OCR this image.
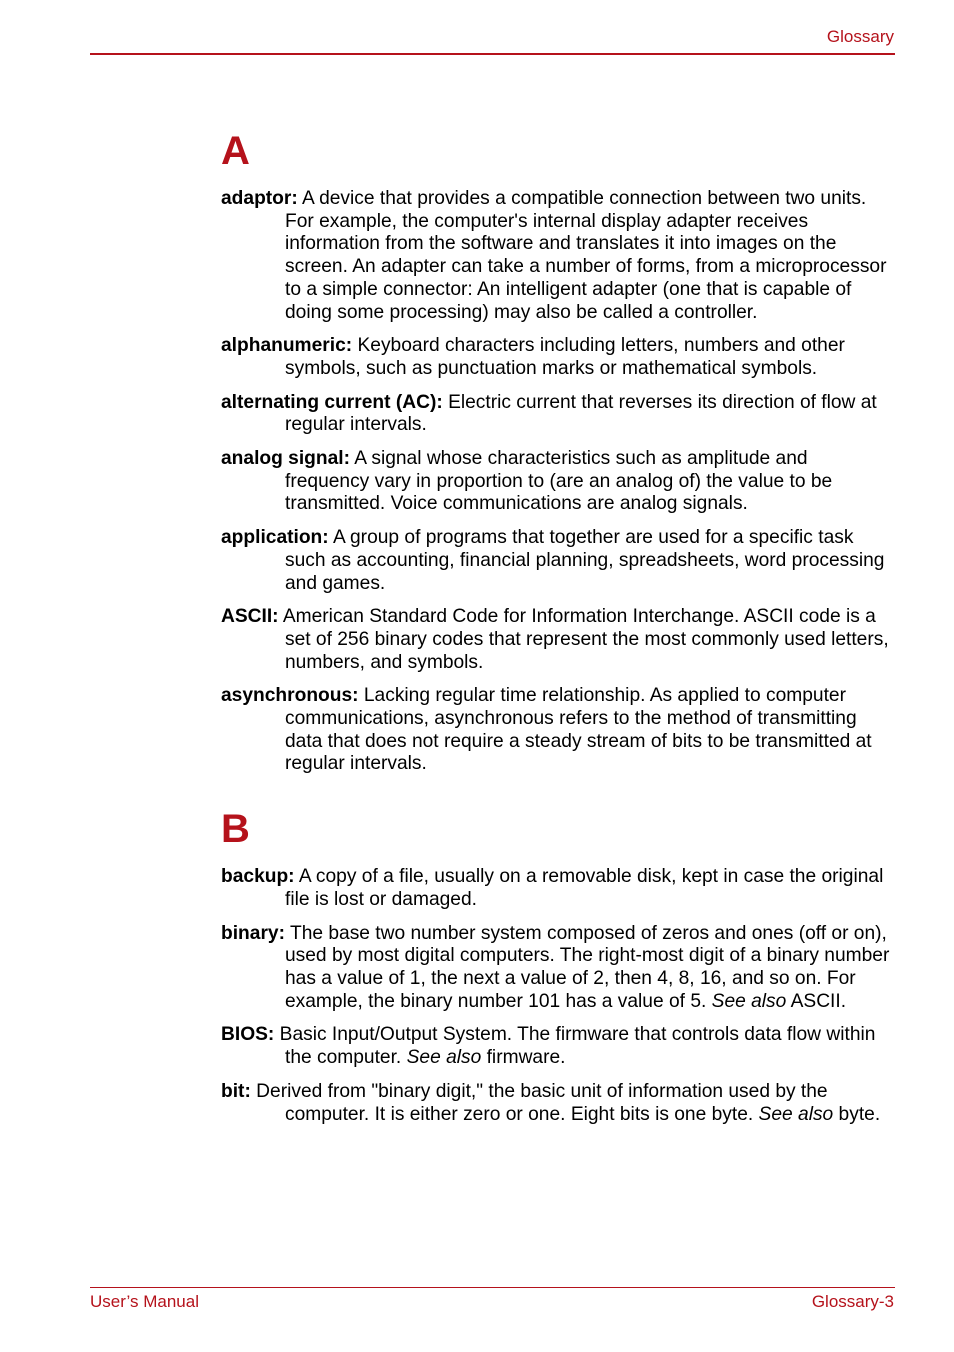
Glossary
A

adaptor: A device that provides a compatible connection between two units. For example, the computer's internal display adapter receives information from the software and translates it into images on the screen. An adapter can take a number of forms, from a microprocessor to a simple connector: An intelligent adapter (one that is capable of doing some processing) may also be called a controller.

alphanumeric: Keyboard characters including letters, numbers and other symbols, such as punctuation marks or mathematical symbols.

alternating current (AC): Electric current that reverses its direction of flow at regular intervals.

analog signal: A signal whose characteristics such as amplitude and frequency vary in proportion to (are an analog of) the value to be transmitted. Voice communications are analog signals.

application: A group of programs that together are used for a specific task such as accounting, financial planning, spreadsheets, word processing and games.

ASCII: American Standard Code for Information Interchange. ASCII code is a set of 256 binary codes that represent the most commonly used letters, numbers, and symbols.

asynchronous: Lacking regular time relationship. As applied to computer communications, asynchronous refers to the method of transmitting data that does not require a steady stream of bits to be transmitted at regular intervals.

B

backup: A copy of a file, usually on a removable disk, kept in case the original file is lost or damaged.

binary: The base two number system composed of zeros and ones (off or on), used by most digital computers. The right-most digit of a binary number has a value of 1, the next a value of 2, then 4, 8, 16, and so on. For example, the binary number 101 has a value of 5. See also ASCII.

BIOS: Basic Input/Output System. The firmware that controls data flow within the computer. See also firmware.

bit: Derived from "binary digit," the basic unit of information used by the computer. It is either zero or one. Eight bits is one byte. See also byte.

User’s Manual	Glossary-3
